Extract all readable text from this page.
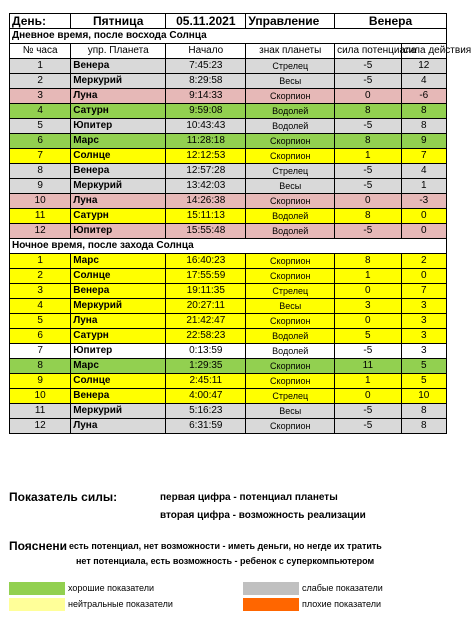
День:	Пятница	05.11.2021	Управление	Венера	
Дневное время, после восхода Солнца					
№ часа	упр. Планета	Начало	знак планеты	сила потенциала	сила действия
1	Венера	7:45:23	Стрелец	-5	12
2	Меркурий	8:29:58	Весы	-5	4
3	Луна	9:14:33	Скорпион	0	-6
4	Сатурн	9:59:08	Водолей	8	8
5	Юпитер	10:43:43	Водолей	-5	8
6	Марс	11:28:18	Скорпион	8	9
7	Солнце	12:12:53	Скорпион	1	7
8	Венера	12:57:28	Стрелец	-5	4
9	Меркурий	13:42:03	Весы	-5	1
10	Луна	14:26:38	Скорпион	0	-3
11	Сатурн	15:11:13	Водолей	8	0
12	Юпитер	15:55:48	Водолей	-5	0
Ночное время, после захода Солнца					
1	Марс	16:40:23	Скорпион	8	2
2	Солнце	17:55:59	Скорпион	1	0
3	Венера	19:11:35	Стрелец	0	7
4	Меркурий	20:27:11	Весы	3	3
5	Луна	21:42:47	Скорпион	0	3
6	Сатурн	22:58:23	Водолей	5	3
7	Юпитер	0:13:59	Водолей	-5	3
8	Марс	1:29:35	Скорпион	11	5
9	Солнце	2:45:11	Скорпион	1	5
10	Венера	4:00:47	Стрелец	0	10
11	Меркурий	5:16:23	Весы	-5	8
12	Луна	6:31:59	Скорпион	-5	8
Показатель силы:	первая цифра - потенциал планеты
вторая цифра - возможность реализации
Пояснени есть потенциал, нет возможности - иметь деньги, но негде их тратить
нет потенциала, есть возможность - ребенок с суперкомпьютером
хорошие показатели
нейтральные показатели
слабые показатели
плохие показатели
